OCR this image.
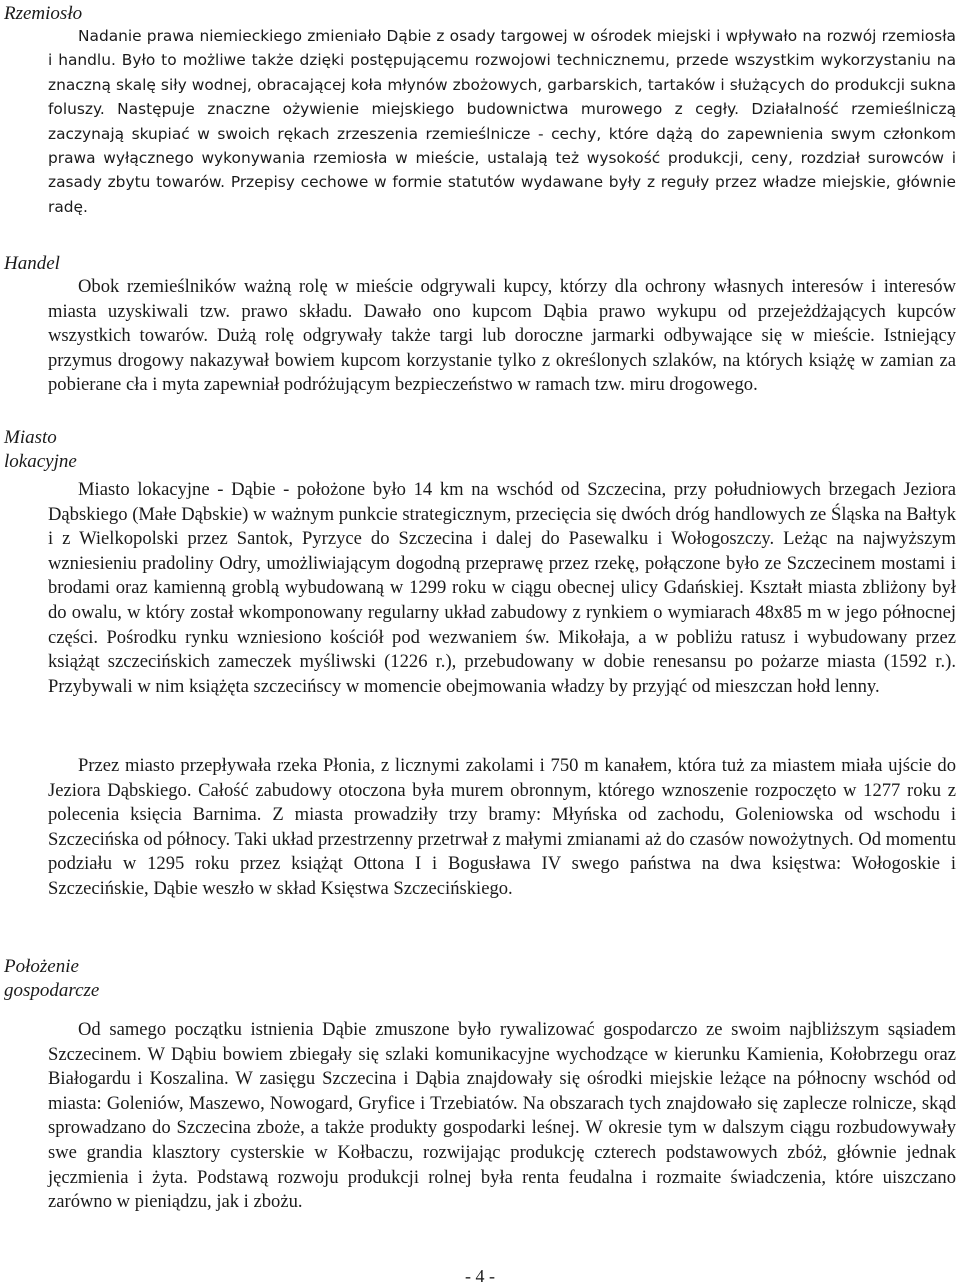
Rzemiosło
Nadanie prawa niemieckiego zmieniało Dąbie z osady targowej w ośrodek miejski i wpływało na rozwój rzemiosła i handlu. Było to możliwe także dzięki postępującemu rozwojowi technicznemu, przede wszystkim wykorzystaniu na znaczną skalę siły wodnej, obracającej koła młynów zbożowych, garbarskich, tartaków i służących do produkcji sukna foluszy. Następuje znaczne ożywienie miejskiego budownictwa murowego z cegły. Działalność rzemieślniczą zaczynają skupiać w swoich rękach zrzeszenia rzemieślnicze - cechy, które dążą do zapewnienia swym członkom prawa wyłącznego wykonywania rzemiosła w mieście, ustalają też wysokość produkcji, ceny, rozdział surowców i zasady zbytu towarów. Przepisy cechowe w formie statutów wydawane były z reguły przez władze miejskie, głównie radę.
Handel
Obok rzemieślników ważną rolę w mieście odgrywali kupcy, którzy dla ochrony własnych interesów i interesów miasta uzyskiwali tzw. prawo składu. Dawało ono kupcom Dąbia prawo wykupu od przejeżdżających kupców wszystkich towarów. Dużą rolę odgrywały także targi lub doroczne jarmarki odbywające się w mieście. Istniejący przymus drogowy nakazywał bowiem kupcom korzystanie tylko z określonych szlaków, na których książę w zamian za pobierane cła i myta zapewniał podróżującym bezpieczeństwo w ramach tzw. miru drogowego.
Miasto lokacyjne
Miasto lokacyjne - Dąbie - położone było 14 km na wschód od Szczecina, przy południowych brzegach Jeziora Dąbskiego (Małe Dąbskie) w ważnym punkcie strategicznym, przecięcia się dwóch dróg handlowych ze Śląska na Bałtyk i z Wielkopolski przez Santok, Pyrzyce do Szczecina i dalej do Pasewalku i Wołogoszczy. Leżąc na najwyższym wzniesieniu pradoliny Odry, umożliwiającym dogodną przeprawę przez rzekę, połączone było ze Szczecinem mostami i brodami oraz kamienną groblą wybudowaną w 1299 roku w ciągu obecnej ulicy Gdańskiej. Kształt miasta zbliżony był do owalu, w który został wkomponowany regularny układ zabudowy z rynkiem o wymiarach 48x85 m w jego północnej części. Pośrodku rynku wzniesiono kościół pod wezwaniem św. Mikołaja, a w pobliżu ratusz i wybudowany przez książąt szczecińskich zameczek myśliwski (1226 r.), przebudowany w dobie renesansu po pożarze miasta (1592 r.). Przybywali w nim książęta szczecińscy w momencie obejmowania władzy by przyjąć od mieszczan hołd lenny.
Przez miasto przepływała rzeka Płonia, z licznymi zakolami i 750 m kanałem, która tuż za miastem miała ujście do Jeziora Dąbskiego. Całość zabudowy otoczona była murem obronnym, którego wznoszenie rozpoczęto w 1277 roku z polecenia księcia Barnima. Z miasta prowadziły trzy bramy: Młyńska od zachodu, Goleniowska od wschodu i Szczecińska od północy. Taki układ przestrzenny przetrwał z małymi zmianami aż do czasów nowożytnych. Od momentu podziału w 1295 roku przez książąt Ottona I i Bogusława IV swego państwa na dwa księstwa: Wołogoskie i Szczecińskie, Dąbie weszło w skład Księstwa Szczecińskiego.
Położenie gospodarcze
Od samego początku istnienia Dąbie zmuszone było rywalizować gospodarczo ze swoim najbliższym sąsiadem Szczecinem. W Dąbiu bowiem zbiegały się szlaki komunikacyjne wychodzące w kierunku Kamienia, Kołobrzegu oraz Białogardu i Koszalina. W zasięgu Szczecina i Dąbia znajdowały się ośrodki miejskie leżące na północny wschód od miasta: Goleniów, Maszewo, Nowogard, Gryfice i Trzebiatów. Na obszarach tych znajdowało się zaplecze rolnicze, skąd sprowadzano do Szczecina zboże, a także produkty gospodarki leśnej. W okresie tym w dalszym ciągu rozbudowywały swe grandia klasztory cysterskie w Kołbaczu, rozwijając produkcję czterech podstawowych zbóż, głównie jednak jęczmienia i żyta. Podstawą rozwoju produkcji rolnej była renta feudalna i rozmaite świadczenia, które uiszczano zarówno w pieniądzu, jak i zbożu.
- 4 -
